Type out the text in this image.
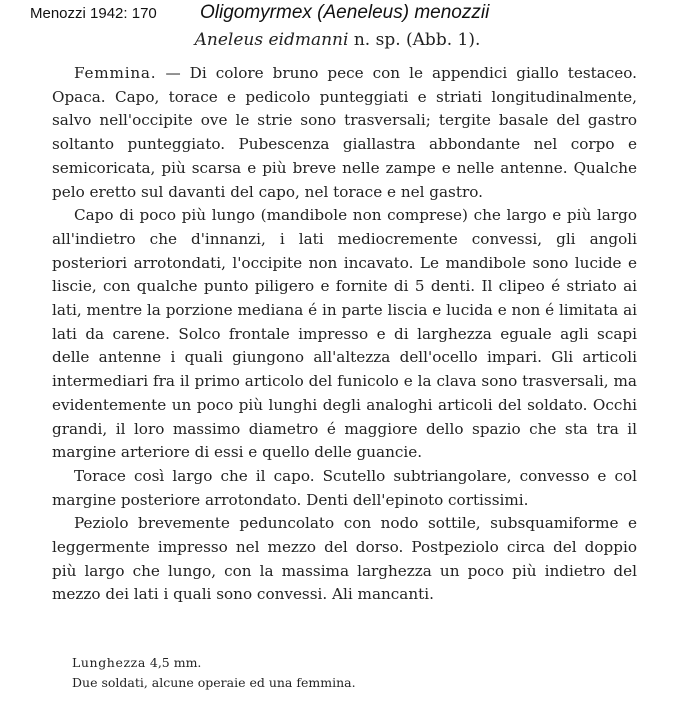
Menozzi 1942: 170 Oligomyrmex (Aeneleus) menozzii
Aneleus eidmanni n. sp. (Abb. 1).

Femmina. — Di colore bruno pece con le appendici giallo testaceo. Opaca. Capo, torace e pedicolo punteggiati e striati longitudinalmente, salvo nell'occipite ove le strie sono trasversali; tergite basale del gastro soltanto punteggiato. Pubescenza giallastra abbondante nel corpo e semicoricata, più scarsa e più breve nelle zampe e nelle antenne. Qualche pelo eretto sul davanti del capo, nel torace e nel gastro.

Capo di poco più lungo (mandibole non comprese) che largo e più largo all'indietro che d'innanzi, i lati mediocremente convessi, gli angoli posteriori arrotondati, l'occipite non incavato. Le mandibole sono lucide e liscie, con qualche punto piligero e fornite di 5 denti. Il clipeo é striato ai lati, mentre la porzione mediana é in parte liscia e lucida e non é limitata ai lati da carene. Solco frontale impresso e di larghezza eguale agli scapi delle antenne i quali giungono all'altezza dell'ocello impari. Gli articoli intermediari fra il primo articolo del funicolo e la clava sono trasversali, ma evidentemente un poco più lunghi degli analoghi articoli del soldato. Occhi grandi, il loro massimo diametro é maggiore dello spazio che sta tra il margine arteriore di essi e quello delle guancie.

Torace così largo che il capo. Scutello subtriangolare, convesso e col margine posteriore arrotondato. Denti dell'epinoto cortissimi.

Peziolo brevemente peduncolato con nodo sottile, subsquamiforme e leggermente impresso nel mezzo del dorso. Postpeziolo circa del doppio più largo che lungo, con la massima larghezza un poco più indietro del mezzo dei lati i quali sono convessi. Ali mancanti.

Lunghezza 4,5 mm.
Due soldati, alcune operaie ed una femmina.
